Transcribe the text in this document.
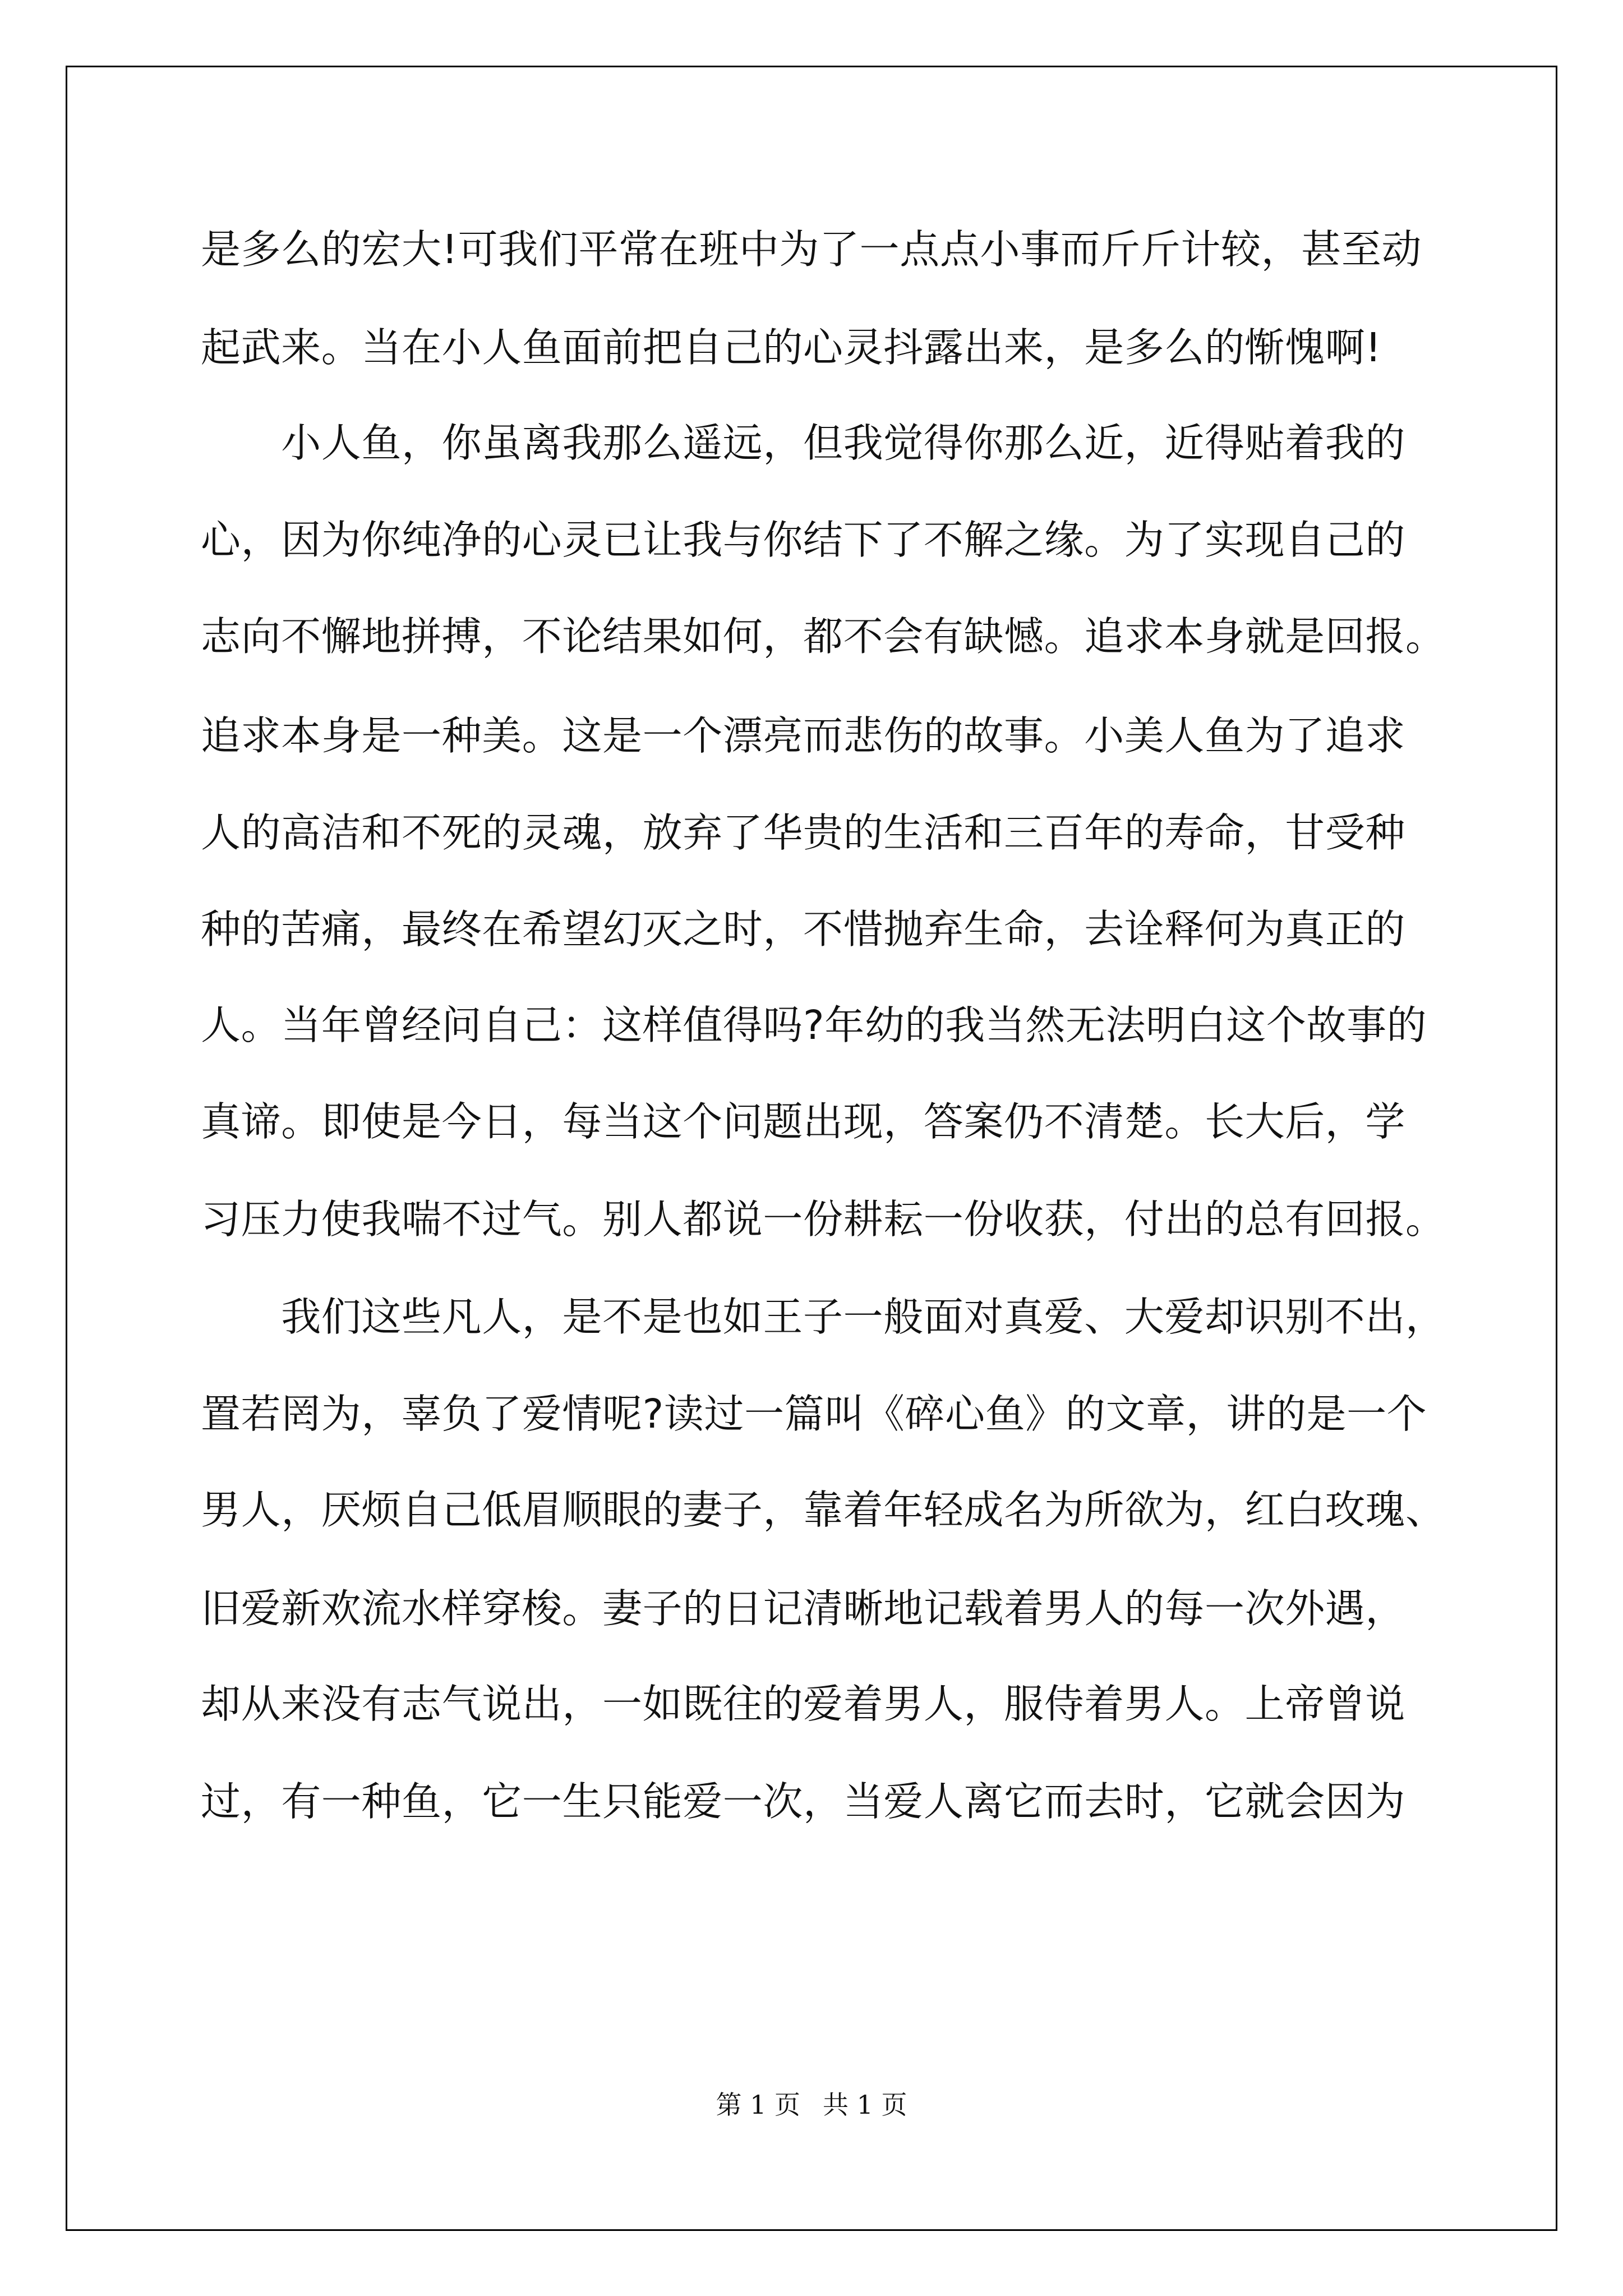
是多么的宏大!可我们平常在班中为了一点点小事而斤斤计较，甚至动
起武来。当在小人鱼面前把自己的心灵抖露出来，是多么的惭愧啊!
　　小人鱼，你虽离我那么遥远，但我觉得你那么近，近得贴着我的
心，因为你纯净的心灵已让我与你结下了不解之缘。为了实现自己的
志向不懈地拼搏，不论结果如何，都不会有缺憾。追求本身就是回报。
追求本身是一种美。这是一个漂亮而悲伤的故事。小美人鱼为了追求
人的高洁和不死的灵魂，放弃了华贵的生活和三百年的寿命，甘受种
种的苦痛，最终在希望幻灭之时，不惜抛弃生命，去诠释何为真正的
人。当年曾经问自己：这样值得吗?年幼的我当然无法明白这个故事的
真谛。即使是今日，每当这个问题出现，答案仍不清楚。长大后，学
习压力使我喘不过气。别人都说一份耕耘一份收获，付出的总有回报。
　　我们这些凡人，是不是也如王子一般面对真爱、大爱却识别不出，
置若罔为，辜负了爱情呢?读过一篇叫《碎心鱼》的文章，讲的是一个
男人，厌烦自己低眉顺眼的妻子，靠着年轻成名为所欲为，红白玫瑰、
旧爱新欢流水样穿梭。妻子的日记清晰地记载着男人的每一次外遇，
却从来没有志气说出，一如既往的爱着男人，服侍着男人。上帝曾说
过，有一种鱼，它一生只能爱一次，当爱人离它而去时，它就会因为
第 1 页 共 1 页
